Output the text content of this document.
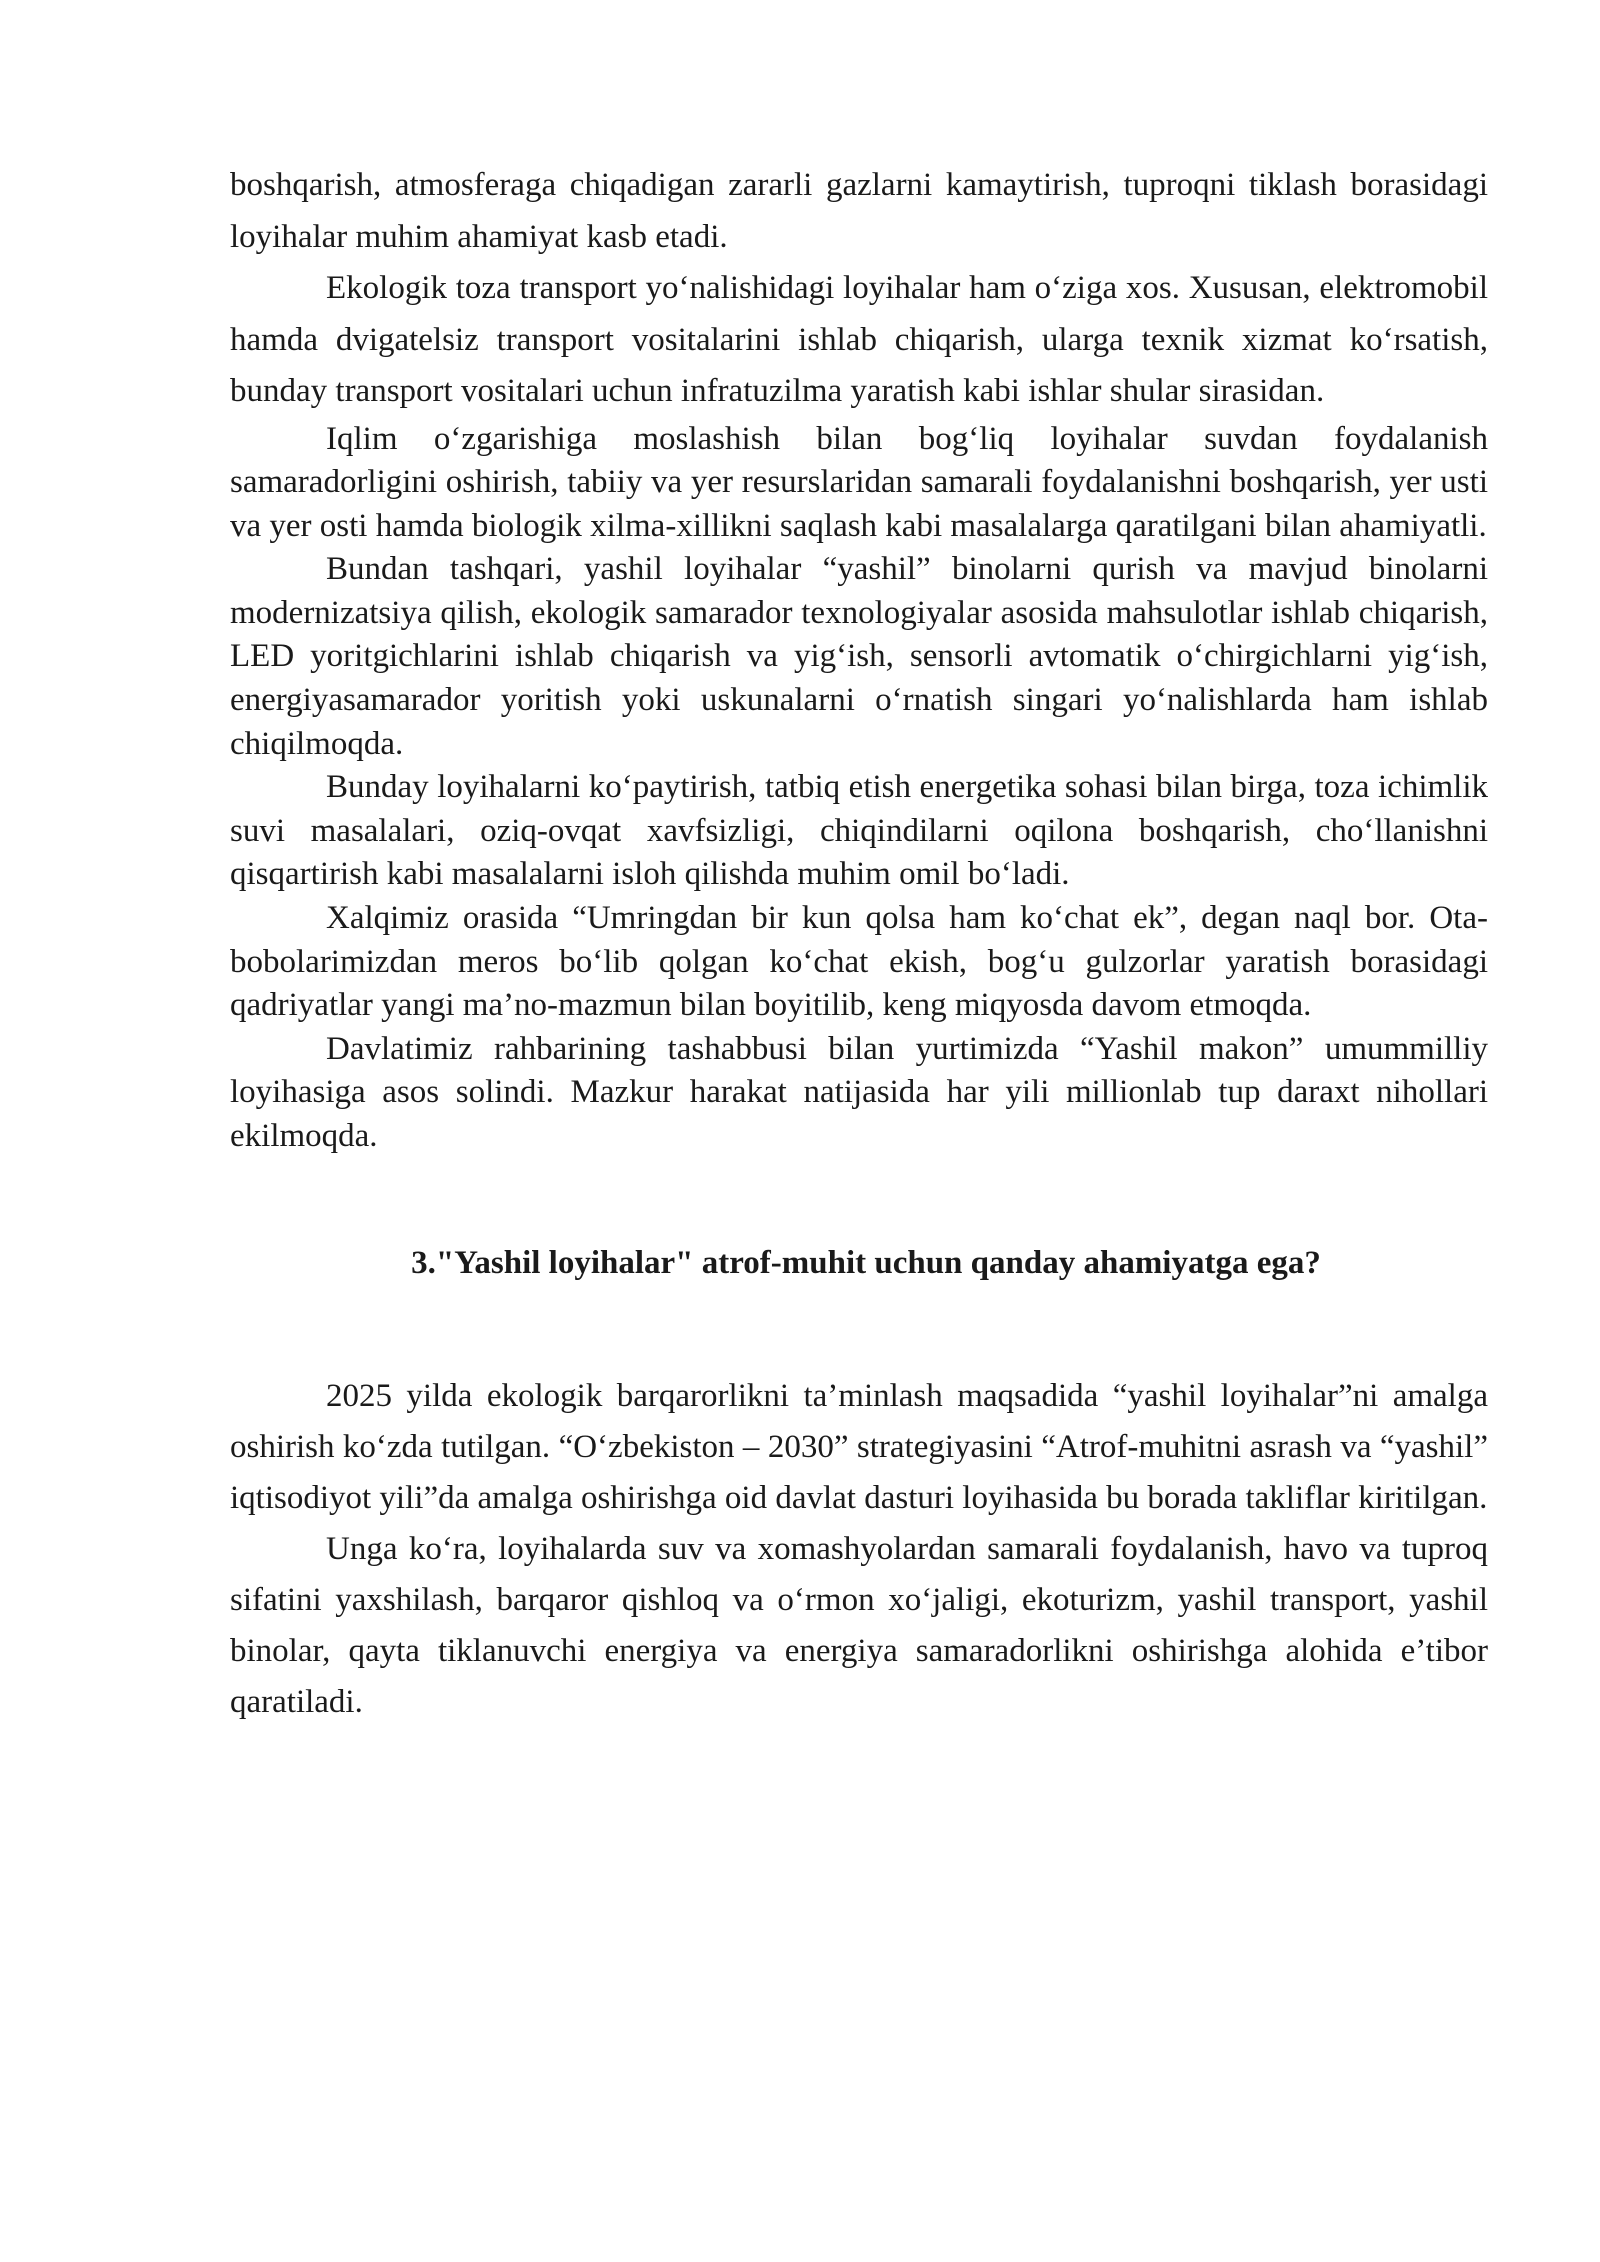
boshqarish, atmosferaga chiqadigan zararli gazlarni kamaytirish, tuproqni tiklash borasidagi loyihalar muhim ahamiyat kasb etadi.

Ekologik toza transport yo‘nalishidagi loyihalar ham o‘ziga xos. Xususan, elektromobil hamda dvigatelsiz transport vositalarini ishlab chiqarish, ularga texnik xizmat ko‘rsatish, bunday transport vositalari uchun infratuzilma yaratish kabi ishlar shular sirasidan.

Iqlim o‘zgarishiga moslashish bilan bog‘liq loyihalar suvdan foydalanish samaradorligini oshirish, tabiiy va yer resurslaridan samarali foydalanishni boshqarish, yer usti va yer osti hamda biologik xilma-xillikni saqlash kabi masalalarga qaratilgani bilan ahamiyatli.

Bundan tashqari, yashil loyihalar “yashil” binolarni qurish va mavjud binolarni modernizatsiya qilish, ekologik samarador texnologiyalar asosida mahsulotlar ishlab chiqarish, LED yoritgichlarini ishlab chiqarish va yig‘ish, sensorli avtomatik o‘chirgichlarni yig‘ish, energiyasamarador yoritish yoki uskunalarni o‘rnatish singari yo‘nalishlarda ham ishlab chiqilmoqda.

Bunday loyihalarni ko‘paytirish, tatbiq etish energetika sohasi bilan birga, toza ichimlik suvi masalalari, oziq-ovqat xavfsizligi, chiqindilarni oqilona boshqarish, cho‘llanishni qisqartirish kabi masalalarni isloh qilishda muhim omil bo‘ladi.

Xalqimiz orasida “Umringdan bir kun qolsa ham ko‘chat ek”, degan naql bor. Ota-bobolarimizdan meros bo‘lib qolgan ko‘chat ekish, bog‘u gulzorlar yaratish borasidagi qadriyatlar yangi ma’no-mazmun bilan boyitilib, keng miqyosda davom etmoqda.

Davlatimiz rahbarining tashabbusi bilan yurtimizda “Yashil makon” umummilliy loyihasiga asos solindi. Mazkur harakat natijasida har yili millionlab tup daraxt nihollari ekilmoqda.

3."Yashil loyihalar" atrof-muhit uchun qanday ahamiyatga ega?

2025 yilda ekologik barqarorlikni ta’minlash maqsadida “yashil loyihalar”ni amalga oshirish ko‘zda tutilgan. “O‘zbekiston – 2030” strategiyasini “Atrof-muhitni asrash va “yashil” iqtisodiyot yili”da amalga oshirishga oid davlat dasturi loyihasida bu borada takliflar kiritilgan.

Unga ko‘ra, loyihalarda suv va xomashyolardan samarali foydalanish, havo va tuproq sifatini yaxshilash, barqaror qishloq va o‘rmon xo‘jaligi, ekoturizm, yashil transport, yashil binolar, qayta tiklanuvchi energiya va energiya samaradorlikni oshirishga alohida e’tibor qaratiladi.
